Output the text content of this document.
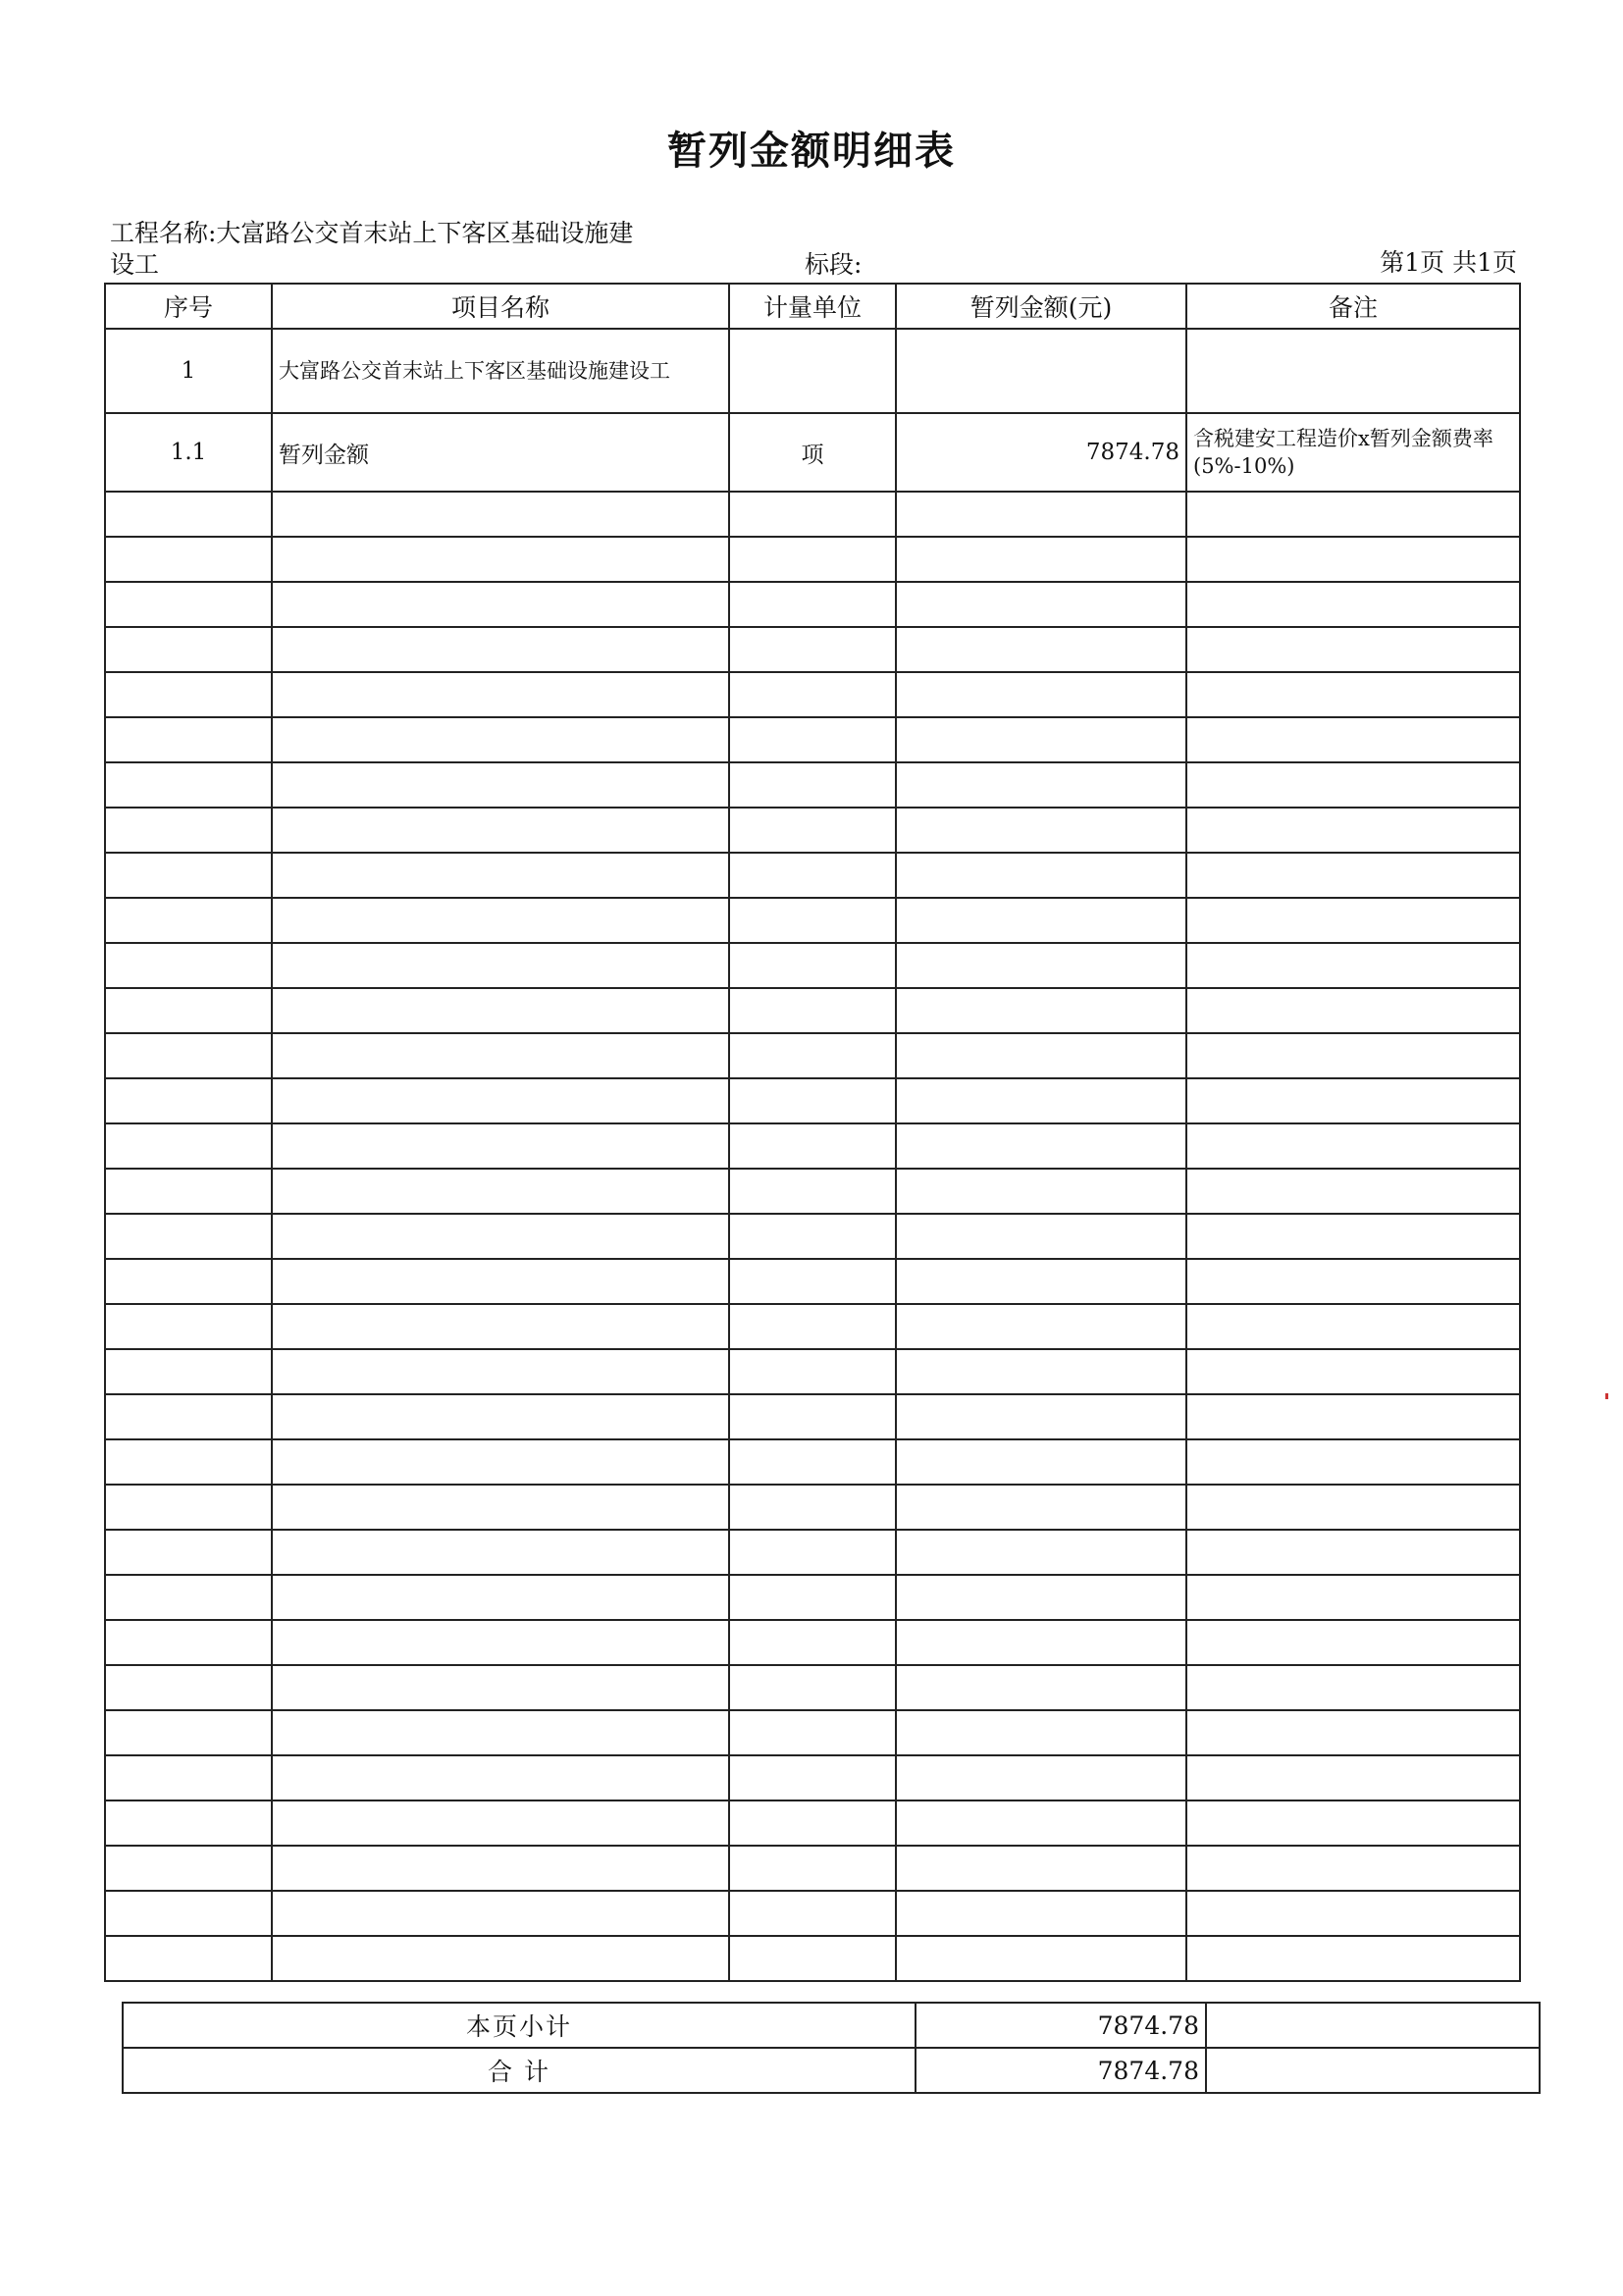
暂列金额明细表
工程名称:大富路公交首末站上下客区基础设施建
设工	标段:	第1页 共1页
序号	项目名称	计量单位	暂列金额(元)	备注
1	大富路公交首末站上下客区基础设施建设工			
1.1	暂列金额	项	7874.78	含税建安工程造价x暂列金额费率(5%-10%)

本页小计	7874.78	
合 计	7874.78	
